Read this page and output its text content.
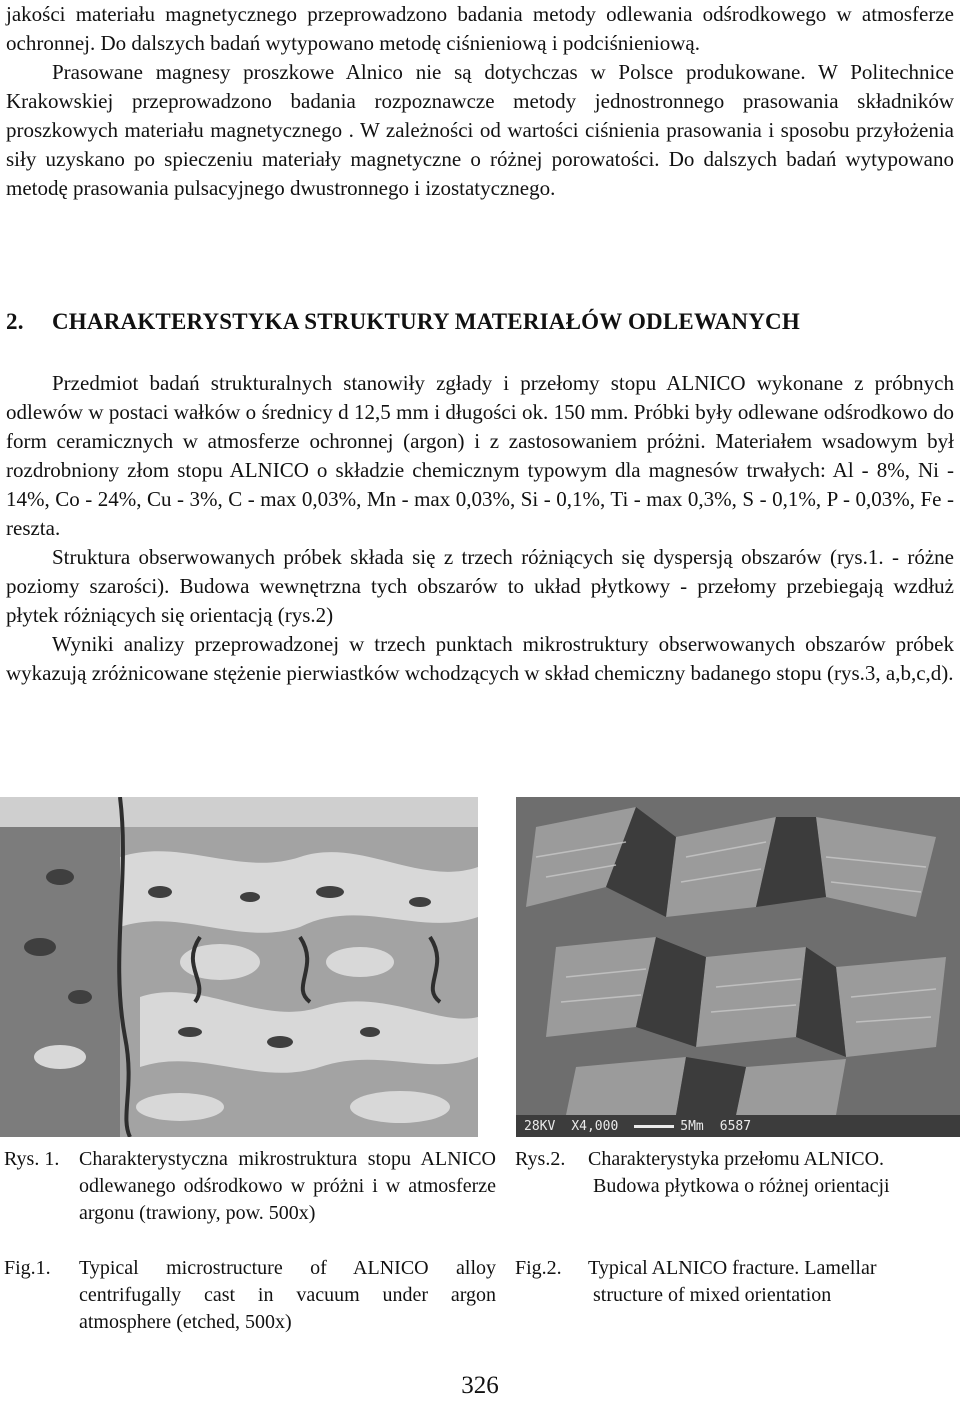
jakości materiału magnetycznego przeprowadzono badania metody odlewania odśrodkowego w atmosferze ochronnej. Do dalszych badań wytypowano metodę ciśnieniową i podciśnieniową.

Prasowane magnesy proszkowe Alnico nie są dotychczas w Polsce produkowane. W Politechnice Krakowskiej przeprowadzono badania rozpoznawcze metody jednostronnego prasowania składników proszkowych materiału magnetycznego . W zależności od wartości ciśnienia prasowania i sposobu przyłożenia siły uzyskano po spieczeniu materiały magnetyczne o różnej porowatości. Do dalszych badań wytypowano metodę prasowania pulsacyjnego dwustronnego i izostatycznego.

2. CHARAKTERYSTYKA STRUKTURY MATERIAŁÓW ODLEWANYCH

Przedmiot badań strukturalnych stanowiły zgłady i przełomy stopu ALNICO wykonane z próbnych odlewów w postaci wałków o średnicy d 12,5 mm i długości ok. 150 mm. Próbki były odlewane odśrodkowo do form ceramicznych w atmosferze ochronnej (argon) i z zastosowaniem próżni. Materiałem wsadowym był rozdrobniony złom stopu ALNICO o składzie chemicznym typowym dla magnesów trwałych: Al - 8%, Ni - 14%, Co - 24%, Cu - 3%, C - max 0,03%, Mn - max 0,03%, Si - 0,1%, Ti - max 0,3%, S - 0,1%, P - 0,03%, Fe - reszta.

Struktura obserwowanych próbek składa się z trzech różniących się dyspersją obszarów (rys.1. - różne poziomy szarości). Budowa wewnętrzna tych obszarów to układ płytkowy - przełomy przebiegają wzdłuż płytek różniących się orientacją (rys.2)

Wyniki analizy przeprowadzonej w trzech punktach mikrostruktury obserwowanych obszarów próbek wykazują zróżnicowane stężenie pierwiastków wchodzących w skład chemiczny badanego stopu (rys.3, a,b,c,d).

28KV X4,000	5Mm 6587
Rys. 1. Charakterystyczna mikrostruktura stopu ALNICO odlewanego odśrodkowo w próżni i w atmosferze argonu (trawiony, pow. 500x)
Fig.1.	Typical microstructure of ALNICO alloy centrifugally cast in vacuum under argon atmosphere (etched, 500x)
Rys.2.	Charakterystyka przełomu ALNICO.
Budowa płytkowa o różnej orientacji
Fig.2.	Typical ALNICO fracture. Lamellar
structure of mixed orientation
326
